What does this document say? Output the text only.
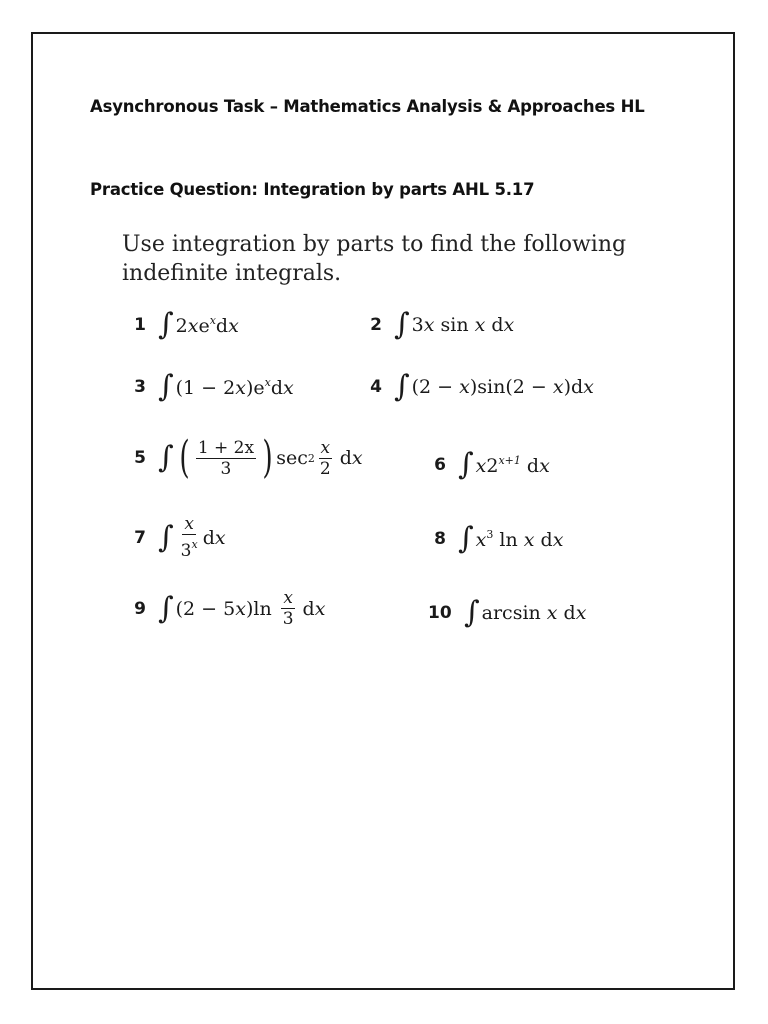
Asynchronous Task – Mathematics Analysis & Approaches HL
Practice Question: Integration by parts AHL 5.17
Use integration by parts to find the following indefinite integrals.
1 ∫ $2xe^xdx$	2 ∫ 3x sin x dx
3 ∫ $(1 - 2x)e^xdx$	4 ∫ (2 − x)sin(2 − x)dx
5 ∫ ( $\frac{1 + 2x}{3}$ ) $\sec 2 \frac{x}{2}$ d x	6 ∫ $x2^{x+1}$ dx
7 ∫ $\frac{x}{3^x}$ d x	8 ∫ $x^3$ ln x dx
9 ∫ (2 − 5 x )$\ln \frac{x}{3}$ d x	10 ∫ arcsin x dx
